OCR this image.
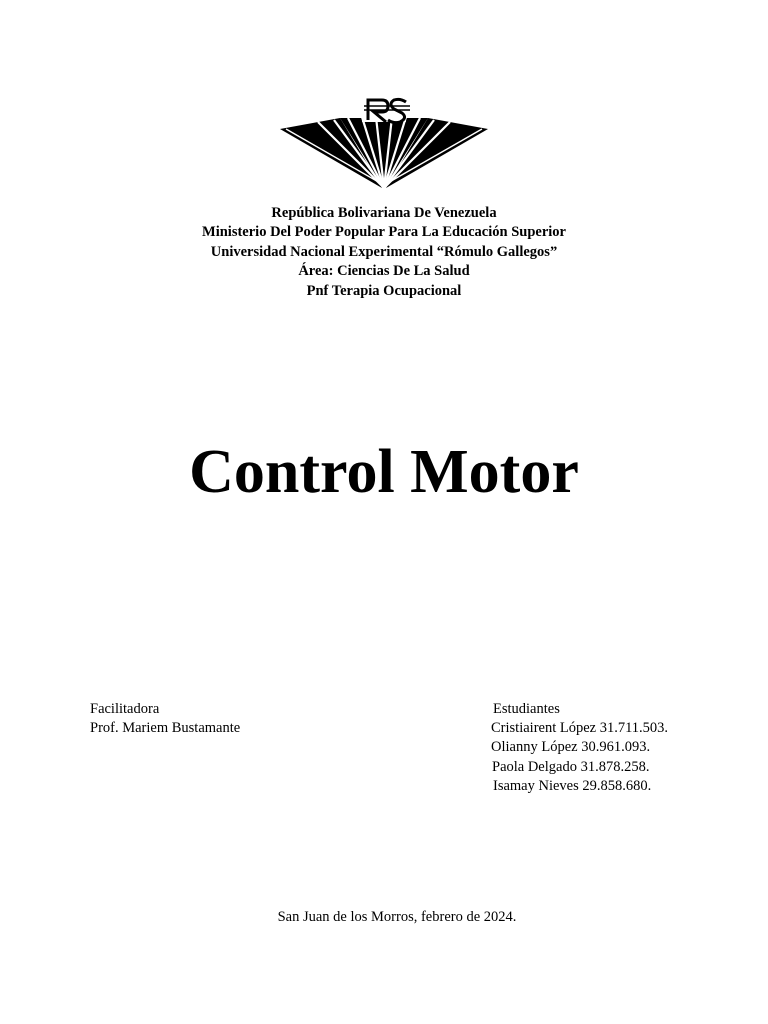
República Bolivariana De Venezuela
Ministerio Del Poder Popular Para La Educación Superior
Universidad Nacional Experimental “Rómulo Gallegos”
Área: Ciencias De La Salud
Pnf Terapia Ocupacional
Control Motor
Facilitadora
Prof. Mariem Bustamante
Estudiantes
Cristiairent López 31.711.503.
Olianny López 30.961.093.
Paola Delgado 31.878.258.
Isamay Nieves 29.858.680.
San Juan de los Morros, febrero de 2024.
